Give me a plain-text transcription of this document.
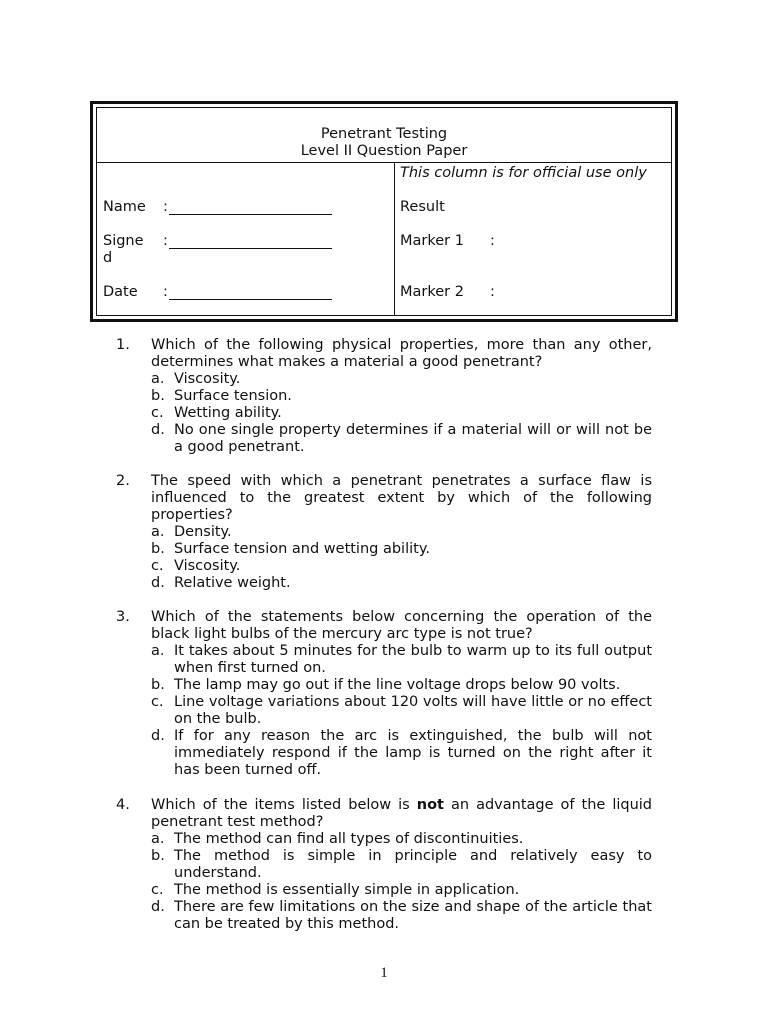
Penetrant Testing
Level II Question Paper
Name :
Signe
d
:
Date :
This column is for official use only
Result
Marker 1 :
Marker 2 :
1. Which of the following physical properties, more than any other, determines what makes a material a good penetrant?
a. Viscosity.
b. Surface tension.
c. Wetting ability.
d. No one single property determines if a material will or will not be a good penetrant.
2. The speed with which a penetrant penetrates a surface flaw is influenced to the greatest extent by which of the following properties?
a. Density.
b. Surface tension and wetting ability.
c. Viscosity.
d. Relative weight.
3. Which of the statements below concerning the operation of the black light bulbs of the mercury arc type is not true?
a. It takes about 5 minutes for the bulb to warm up to its full output when first turned on.
b. The lamp may go out if the line voltage drops below 90 volts.
c. Line voltage variations about 120 volts will have little or no effect on the bulb.
d. If for any reason the arc is extinguished, the bulb will not immediately respond if the lamp is turned on the right after it has been turned off.
4. Which of the items listed below is not an advantage of the liquid penetrant test method?
a. The method can find all types of discontinuities.
b. The method is simple in principle and relatively easy to understand.
c. The method is essentially simple in application.
d. There are few limitations on the size and shape of the article that can be treated by this method.
1
